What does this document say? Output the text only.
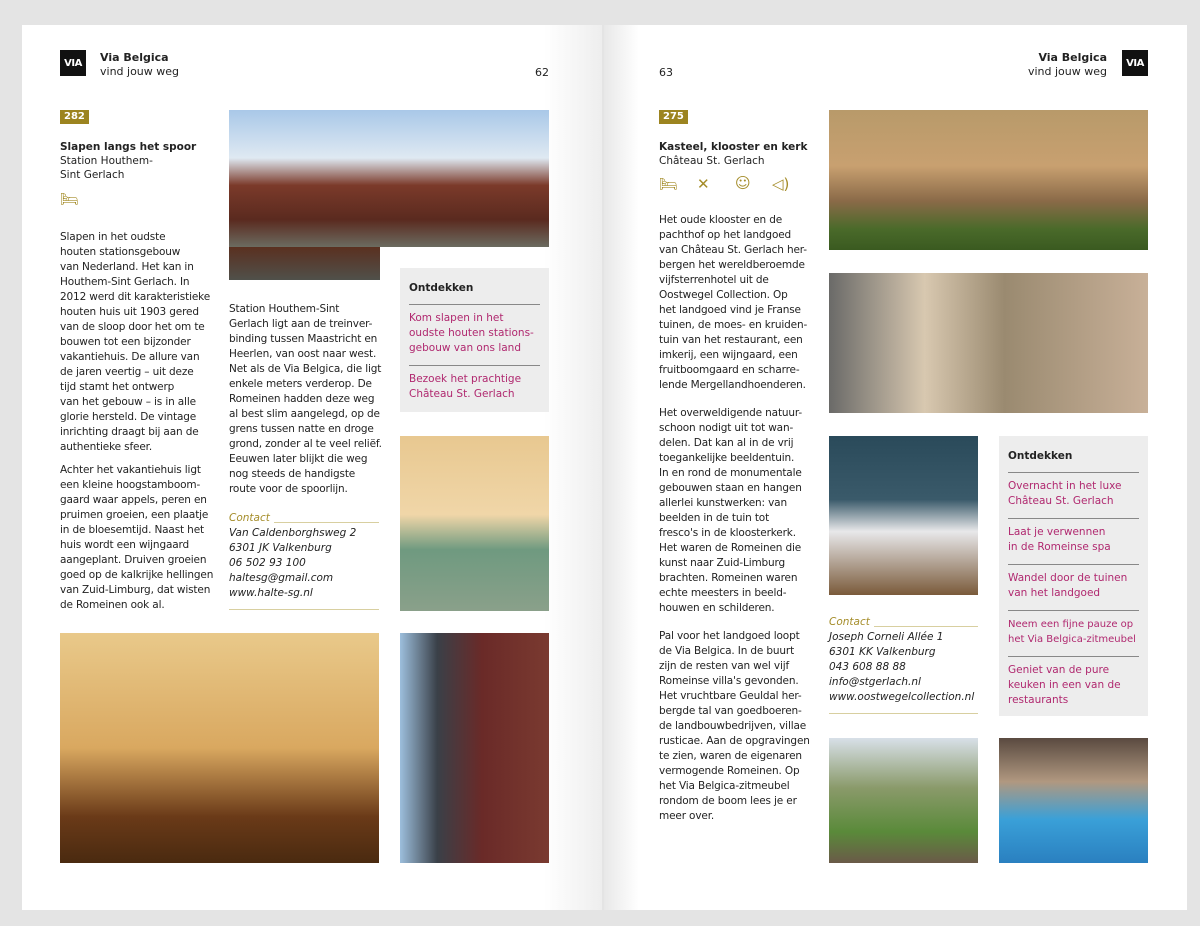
VIA	Via Belgica
vind jouw weg	62
282
Slapen langs het spoor
Station Houthem-
Sint Gerlach
🛏︎
Slapen in het oudste
houten stationsgebouw
van Nederland. Het kan in
Houthem-Sint Gerlach. In
2012 werd dit karakteristieke
houten huis uit 1903 gered
van de sloop door het om te
bouwen tot een bijzonder
vakantiehuis. De allure van
de jaren veertig – uit deze
tijd stamt het ontwerp
van het gebouw – is in alle
glorie hersteld. De vintage
inrichting draagt bij aan de
authentieke sfeer.
Achter het vakantiehuis ligt
een kleine hoogstamboom-
gaard waar appels, peren en
pruimen groeien, een plaatje
in de bloesemtijd. Naast het
huis wordt een wijngaard
aangeplant. Druiven groeien
goed op de kalkrijke hellingen
van Zuid-Limburg, dat wisten
de Romeinen ook al.
Station Houthem-Sint
Gerlach ligt aan de treinver-
binding tussen Maastricht en
Heerlen, van oost naar west.
Net als de Via Belgica, die ligt
enkele meters verderop. De
Romeinen hadden deze weg
al best slim aangelegd, op de
grens tussen natte en droge
grond, zonder al te veel reliëf.
Eeuwen later blijkt die weg
nog steeds de handigste
route voor de spoorlijn.
Contact
Van Caldenborghsweg 2
6301 JK Valkenburg
06 502 93 100
haltesg@gmail.com
www.halte-sg.nl
Ontdekken
Kom slapen in het
oudste houten stations-
gebouw van ons land
Bezoek het prachtige
Château St. Gerlach
63
Via Belgica
vind jouw weg
VIA
275
Kasteel, klooster en kerk
Château St. Gerlach
🛏︎ ✕ ☺ ◁)
Het oude klooster en de
pachthof op het landgoed
van Château St. Gerlach her-
bergen het wereldberoemde
vijfsterrenhotel uit de
Oostwegel Collection. Op
het landgoed vind je Franse
tuinen, de moes- en kruiden-
tuin van het restaurant, een
imkerij, een wijngaard, een
fruitboomgaard en scharre-
lende Mergellandhoenderen.
Het overweldigende natuur-
schoon nodigt uit tot wan-
delen. Dat kan al in de vrij
toegankelijke beeldentuin.
In en rond de monumentale
gebouwen staan en hangen
allerlei kunstwerken: van
beelden in de tuin tot
fresco's in de kloosterkerk.
Het waren de Romeinen die
kunst naar Zuid-Limburg
brachten. Romeinen waren
echte meesters in beeld-
houwen en schilderen.
Pal voor het landgoed loopt
de Via Belgica. In de buurt
zijn de resten van wel vijf
Romeinse villa's gevonden.
Het vruchtbare Geuldal her-
bergde tal van goedboeren-
de landbouwbedrijven, villae
rusticae. Aan de opgravingen
te zien, waren de eigenaren
vermogende Romeinen. Op
het Via Belgica-zitmeubel
rondom de boom lees je er
meer over.
Contact
Joseph Corneli Allée 1
6301 KK Valkenburg
043 608 88 88
info@stgerlach.nl
www.oostwegelcollection.nl
Ontdekken
Overnacht in het luxe
Château St. Gerlach
Laat je verwennen
in de Romeinse spa
Wandel door de tuinen
van het landgoed
Neem een fijne pauze op
het Via Belgica-zitmeubel
Geniet van de pure
keuken in een van de
restaurants
